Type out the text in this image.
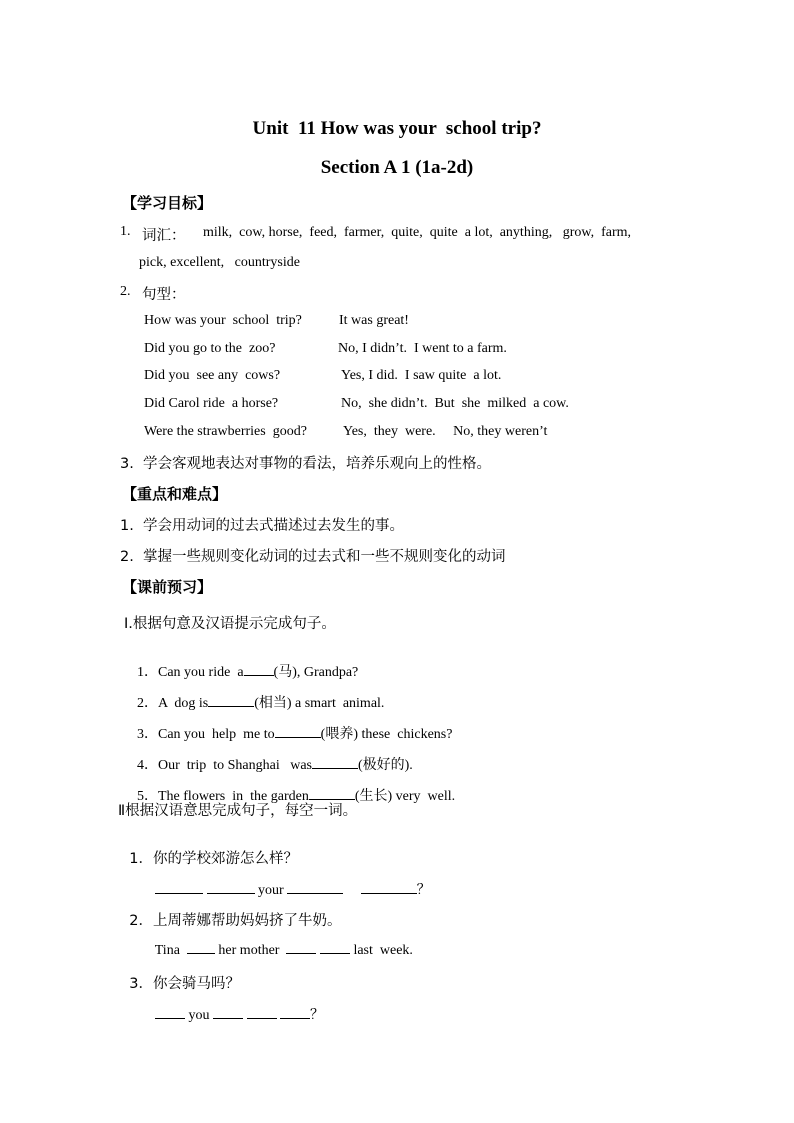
Unit  11 How was your  school trip?
Section A 1 (1a-2d)
【学习目标】
1. 词汇： milk,  cow, horse,  feed,  farmer,  quite,  quite  a lot,  anything,   grow,  farm,
pick, excellent,   countryside
2. 句型：
How was your  school  trip?	It was great!
Did you go to the  zoo?	No, I didn’t.  I went to a farm.
Did you  see any  cows?	Yes, I did.  I saw quite  a lot.
Did Carol ride  a horse?	No,  she didn’t.  But  she  milked  a cow.
Were the strawberries  good?	Yes,  they  were.     No, they weren’t
3.  学会客观地表达对事物的看法，培养乐观向上的性格。
【重点和难点】
1.  学会用动词的过去式描述过去发生的事。
2.  掌握一些规则变化动词的过去式和一些不规则变化的动词
【课前预习】
Ⅰ.根据句意及汉语提示完成句子。

1．Can you ride  a (马), Grandpa?

2．A  dog is	(相当) a smart  animal.

3．Can you  help  me to	(喂养) these  chickens?

4．Our  trip  to Shanghai   was	(极好的).

5．The flowers  in  the garden	(生长) very  well.

Ⅱ根据汉语意思完成句子，每空一词。

1．你的学校郊游怎么样？

your	？

2．上周蒂娜帮助妈妈挤了牛奶。

Tina	her mother	last  week.

3．你会骑马吗？

you	？
